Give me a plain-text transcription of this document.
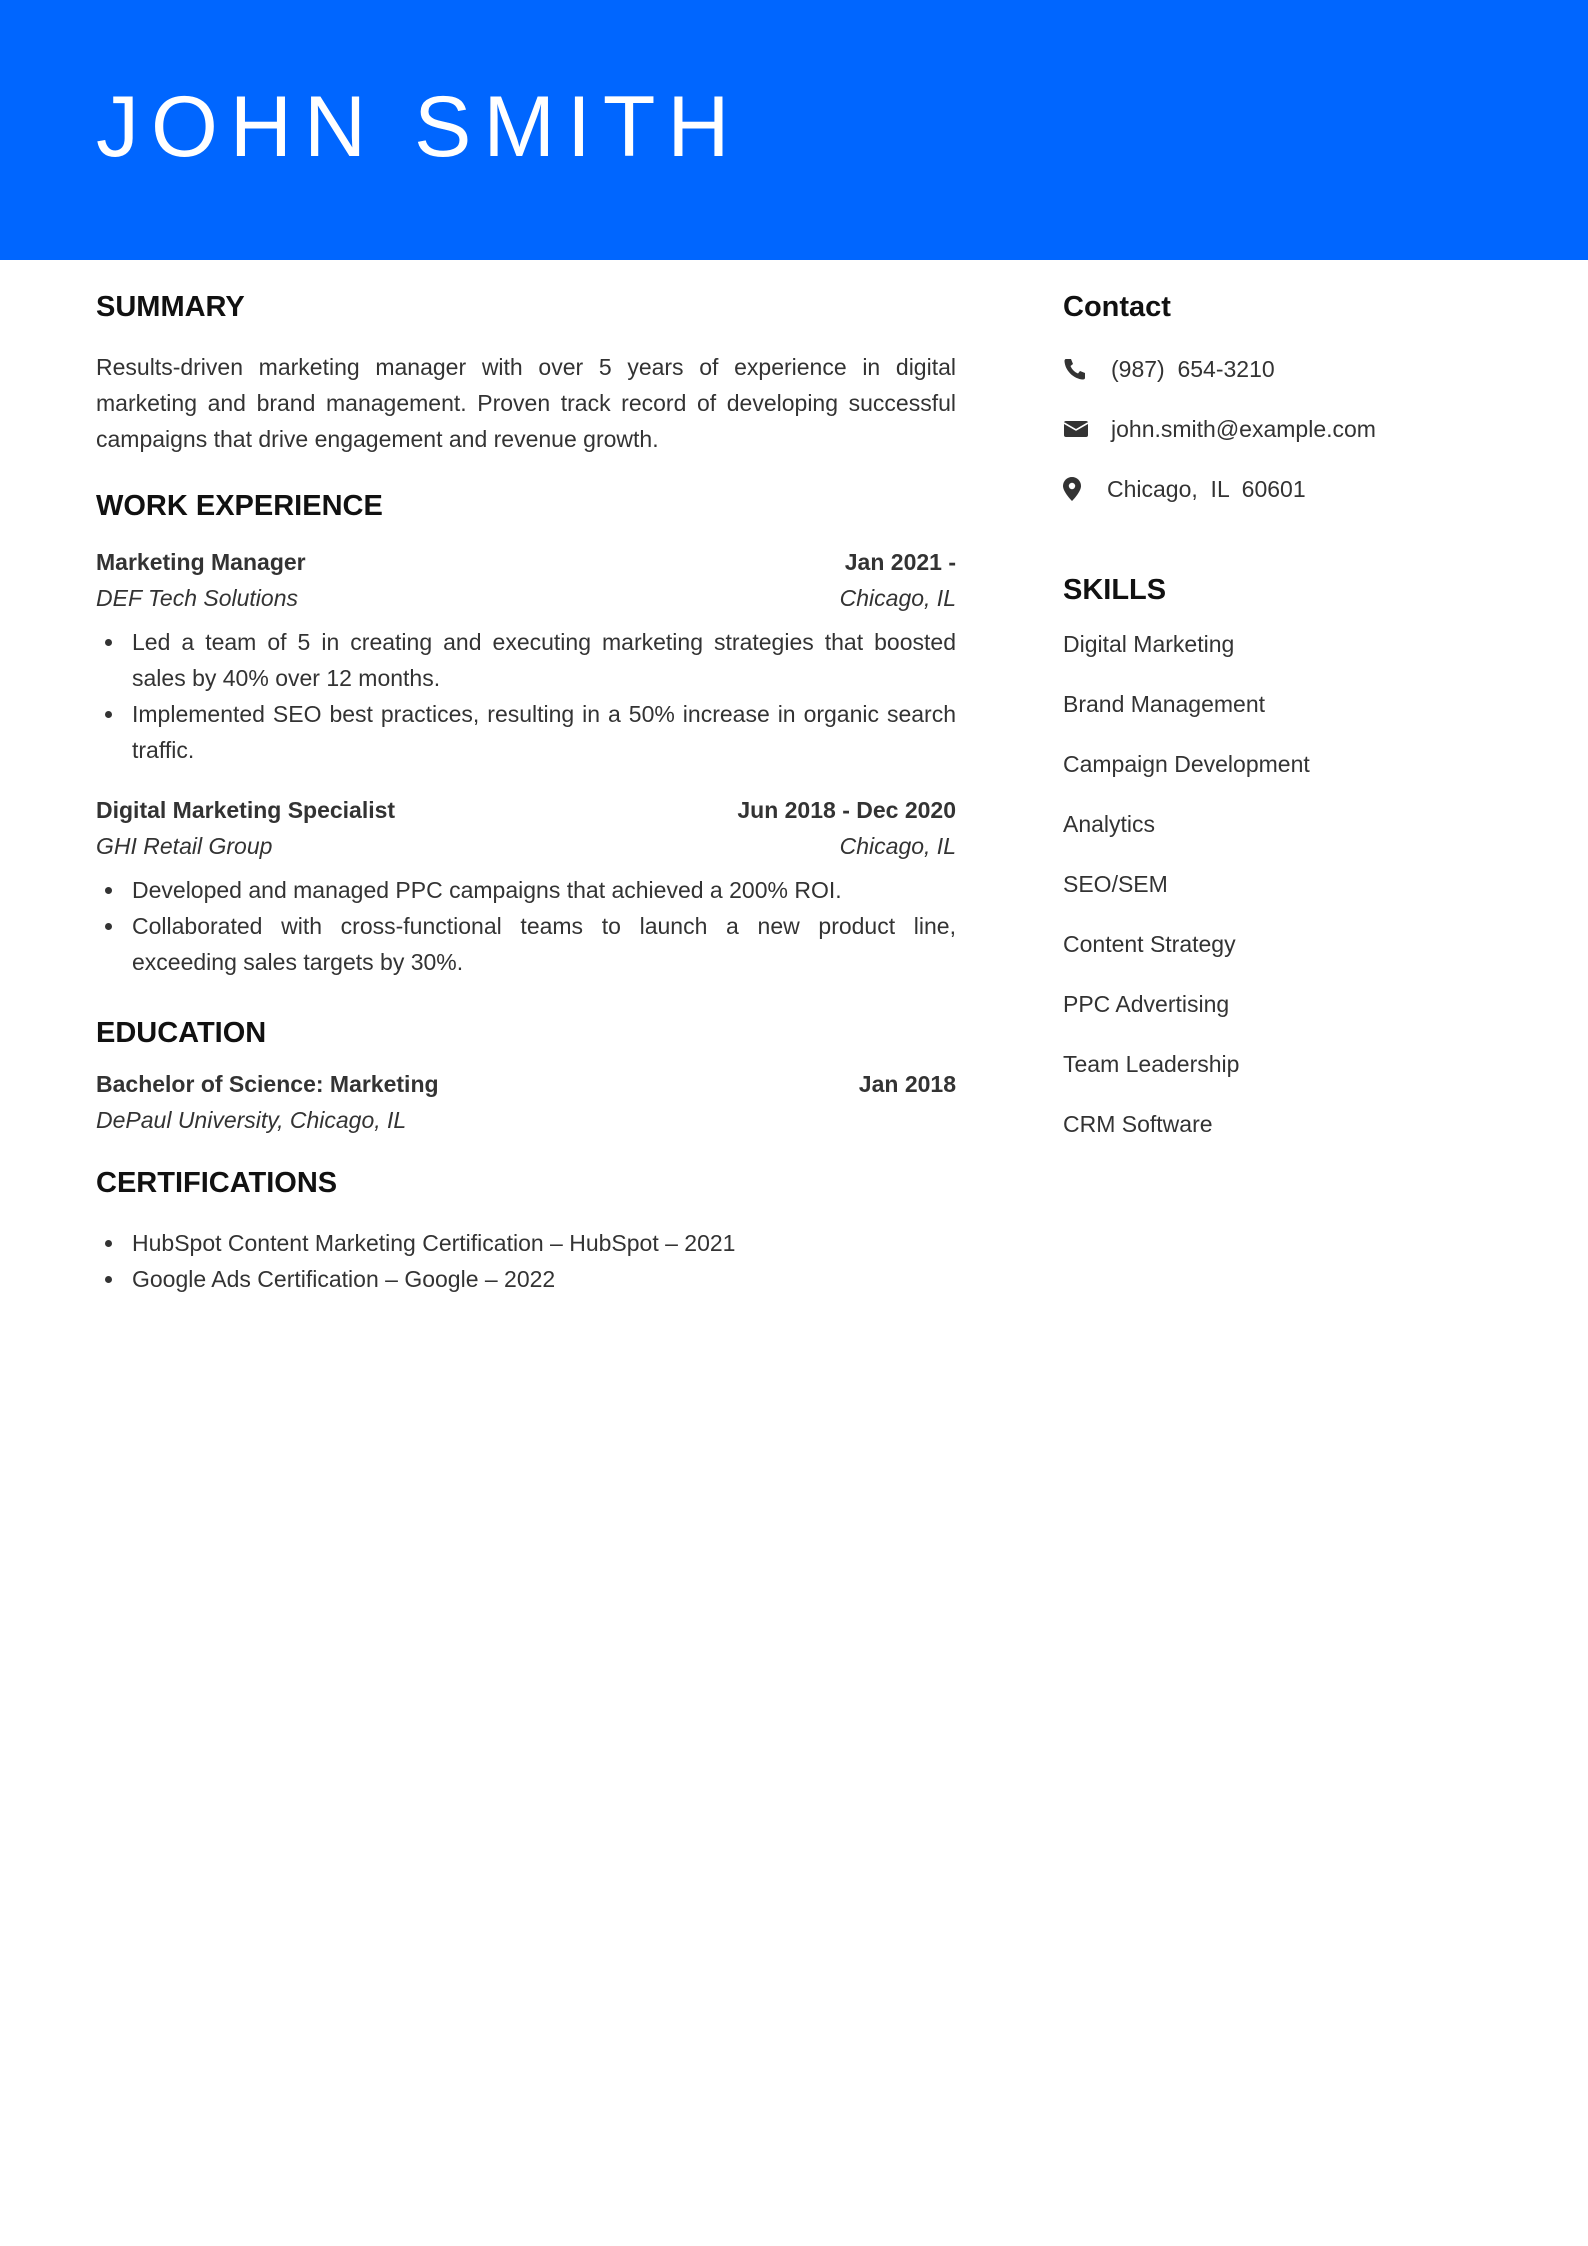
JOHN SMITH
SUMMARY
Results-driven marketing manager with over 5 years of experience in digital marketing and brand management. Proven track record of developing successful campaigns that drive engagement and revenue growth.
WORK EXPERIENCE
Marketing Manager	Jan 2021 -
DEF Tech Solutions	Chicago, IL
Led a team of 5 in creating and executing marketing strategies that boosted sales by 40% over 12 months.
Implemented SEO best practices, resulting in a 50% increase in organic search traffic.
Digital Marketing Specialist	Jun 2018 - Dec 2020
GHI Retail Group	Chicago, IL
Developed and managed PPC campaigns that achieved a 200% ROI.
Collaborated with cross-functional teams to launch a new product line, exceeding sales targets by 30%.
EDUCATION
Bachelor of Science: Marketing	Jan 2018
DePaul University, Chicago, IL
CERTIFICATIONS
HubSpot Content Marketing Certification – HubSpot – 2021
Google Ads Certification – Google – 2022
Contact
(987)  654-3210
john.smith@example.com
Chicago,  IL  60601
SKILLS
Digital Marketing
Brand Management
Campaign Development
Analytics
SEO/SEM
Content Strategy
PPC Advertising
Team Leadership
CRM Software
